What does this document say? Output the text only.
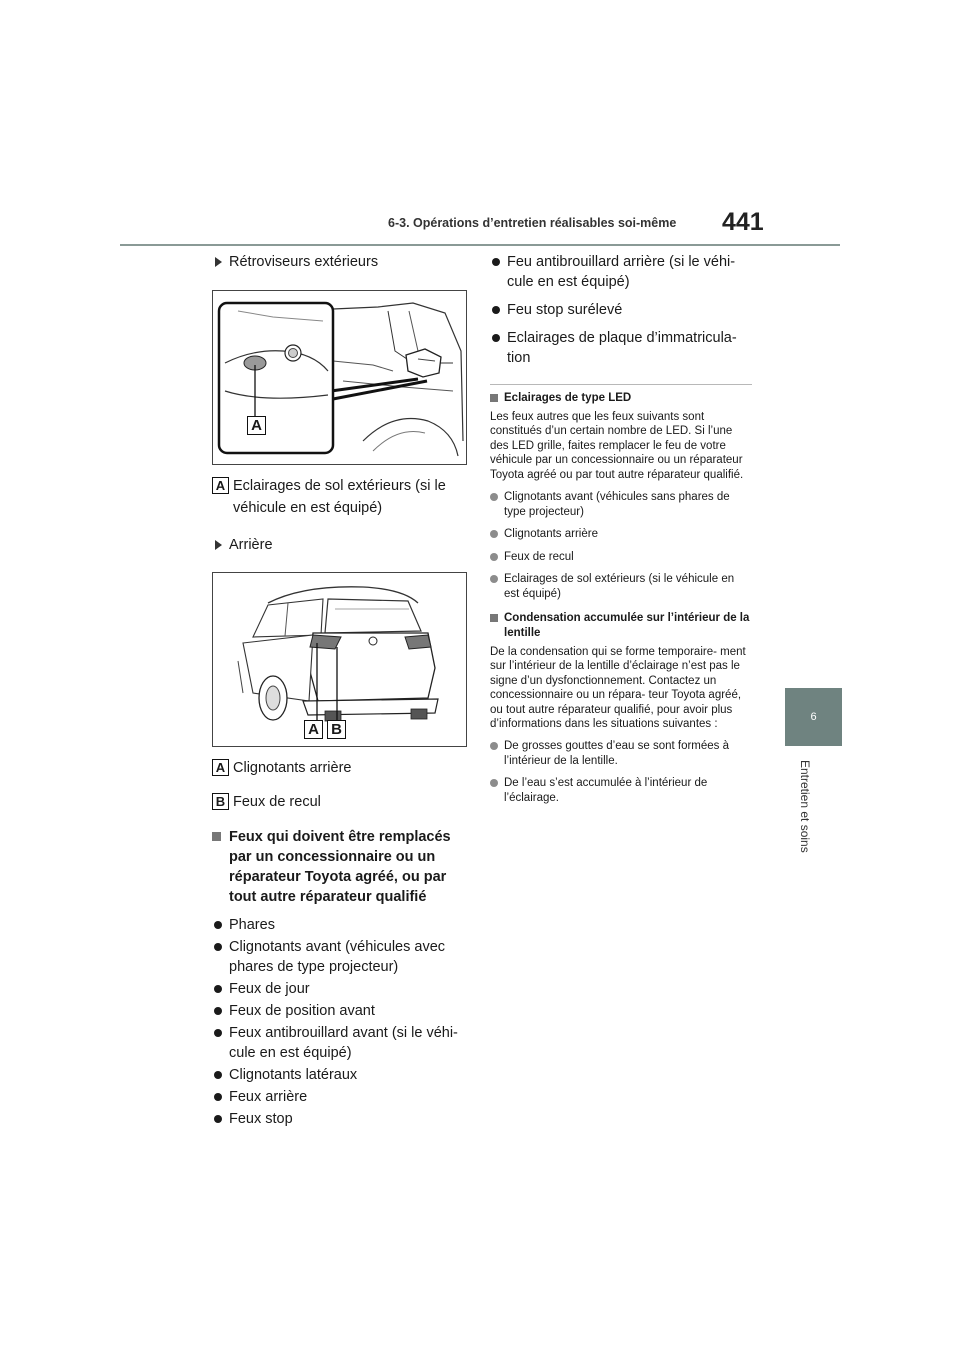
6-3. Opérations d’entretien réalisables soi-même 441
6
Entretien et soins
Rétroviseurs extérieurs
A
A Eclairages de sol extérieurs (si le
véhicule en est équipé)
Arrière
A B
A Clignotants arrière
B Feux de recul
Feux qui doivent être remplacés par un concessionnaire ou un réparateur Toyota agréé, ou par tout autre réparateur qualifié
Phares
Clignotants avant (véhicules avec phares de type projecteur)
Feux de jour
Feux de position avant
Feux antibrouillard avant (si le véhi- cule en est équipé)
Clignotants latéraux
Feux arrière
Feux stop
Feu antibrouillard arrière (si le véhi- cule en est équipé)
Feu stop surélevé
Eclairages de plaque d’immatricula- tion
Eclairages de type LED

Les feux autres que les feux suivants sont constitués d’un certain nombre de LED. Si l’une des LED grille, faites remplacer le feu de votre véhicule par un concessionnaire ou un réparateur Toyota agréé ou par tout autre réparateur qualifié.

Clignotants avant (véhicules sans phares de type projecteur)
Clignotants arrière
Feux de recul
Eclairages de sol extérieurs (si le véhicule en est équipé)
Condensation accumulée sur l’intérieur de la lentille

De la condensation qui se forme temporaire- ment sur l’intérieur de la lentille d’éclairage n’est pas le signe d’un dysfonctionnement. Contactez un concessionnaire ou un répara- teur Toyota agréé, ou tout autre réparateur qualifié, pour avoir plus d’informations dans les situations suivantes :

De grosses gouttes d’eau se sont formées à l’intérieur de la lentille.
De l’eau s’est accumulée à l’intérieur de l’éclairage.
